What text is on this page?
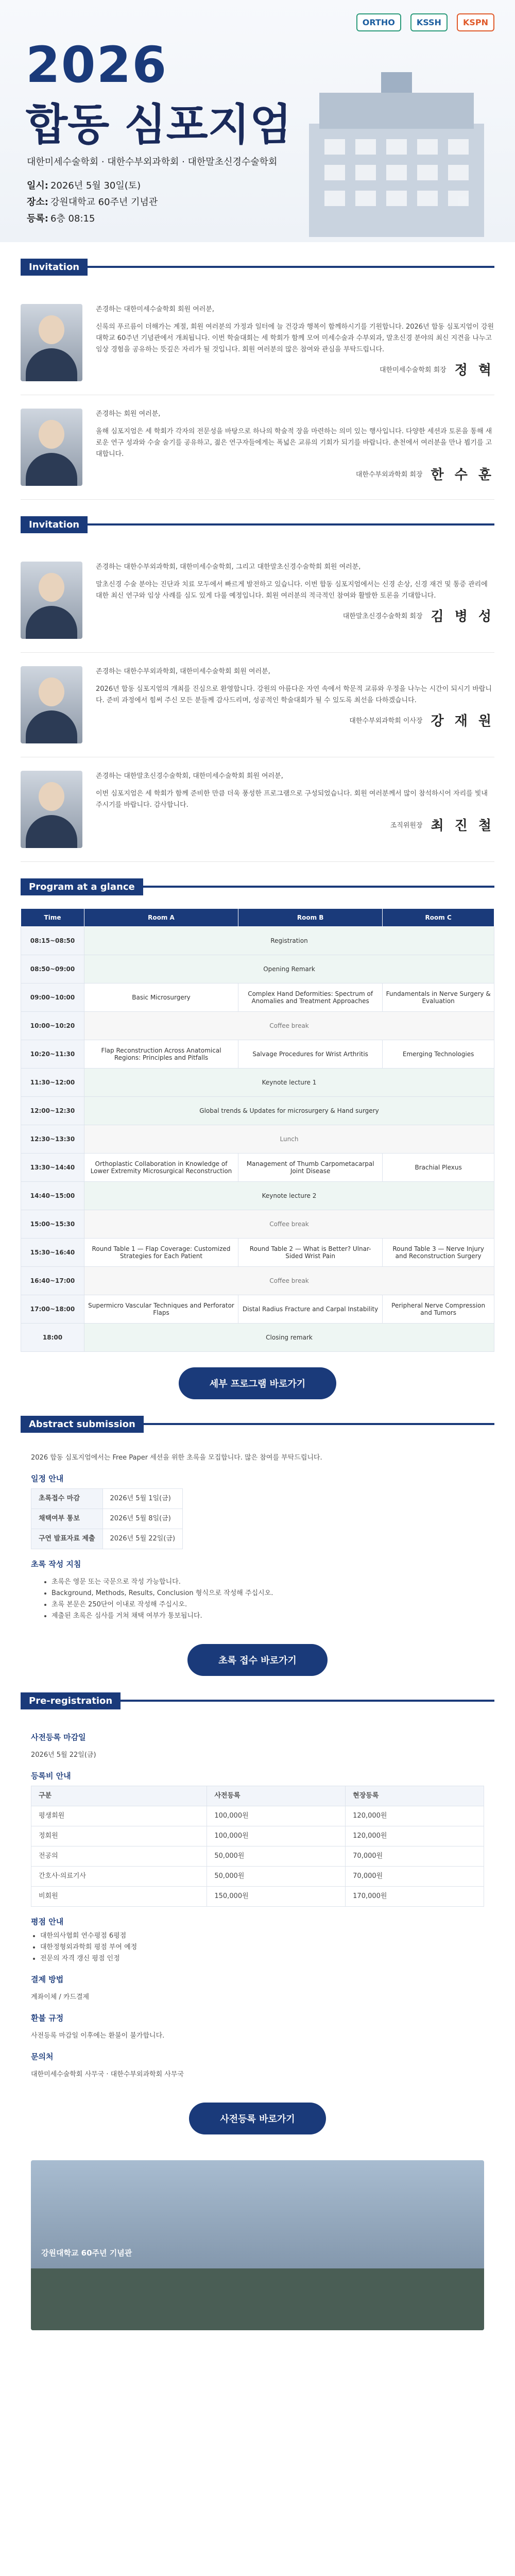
ORTHO	KSSH	KSPN
2026
합동 심포지엄
대한미세수술학회 · 대한수부외과학회 · 대한말초신경수술학회
일시: 2026년 5월 30일(토)
장소: 강원대학교 60주년 기념관
등록: 6층 08:15
Invitation

존경하는 대한미세수술학회 회원 여러분,

신록의 푸르름이 더해가는 계절, 회원 여러분의 가정과 일터에 늘 건강과 행복이 함께하시기를 기원합니다. 2026년 합동 심포지엄이 강원대학교 60주년 기념관에서 개최됩니다. 이번 학술대회는 세 학회가 함께 모여 미세수술과 수부외과, 말초신경 분야의 최신 지견을 나누고 임상 경험을 공유하는 뜻깊은 자리가 될 것입니다. 회원 여러분의 많은 참여와 관심을 부탁드립니다.

대한미세수술학회 회장 정 혁

존경하는 회원 여러분,

올해 심포지엄은 세 학회가 각자의 전문성을 바탕으로 하나의 학술적 장을 마련하는 의미 있는 행사입니다. 다양한 세션과 토론을 통해 새로운 연구 성과와 수술 술기를 공유하고, 젊은 연구자들에게는 폭넓은 교류의 기회가 되기를 바랍니다. 춘천에서 여러분을 만나 뵙기를 고대합니다.

대한수부외과학회 회장 한 수 훈
Invitation

존경하는 대한수부외과학회, 대한미세수술학회, 그리고 대한말초신경수술학회 회원 여러분,

말초신경 수술 분야는 진단과 치료 모두에서 빠르게 발전하고 있습니다. 이번 합동 심포지엄에서는 신경 손상, 신경 재건 및 통증 관리에 대한 최신 연구와 임상 사례를 심도 있게 다룰 예정입니다. 회원 여러분의 적극적인 참여와 활발한 토론을 기대합니다.

대한말초신경수술학회 회장 김 병 성

존경하는 대한수부외과학회, 대한미세수술학회 회원 여러분,

2026년 합동 심포지엄의 개최를 진심으로 환영합니다. 강원의 아름다운 자연 속에서 학문적 교류와 우정을 나누는 시간이 되시기 바랍니다. 준비 과정에서 힘써 주신 모든 분들께 감사드리며, 성공적인 학술대회가 될 수 있도록 최선을 다하겠습니다.

대한수부외과학회 이사장 강 재 원

존경하는 대한말초신경수술학회, 대한미세수술학회 회원 여러분,

이번 심포지엄은 세 학회가 함께 준비한 만큼 더욱 풍성한 프로그램으로 구성되었습니다. 회원 여러분께서 많이 참석하시어 자리를 빛내 주시기를 바랍니다. 감사합니다.

조직위원장 최 진 철
Program at a glance
Time	Room A	Room B	Room C
08:15~08:50	Registration		
08:50~09:00	Opening Remark		
09:00~10:00	Basic Microsurgery	Complex Hand Deformities: Spectrum of Anomalies and Treatment Approaches	Fundamentals in Nerve Surgery & Evaluation
10:00~10:20	Coffee break		
10:20~11:30	Flap Reconstruction Across Anatomical Regions: Principles and Pitfalls	Salvage Procedures for Wrist Arthritis	Emerging Technologies
11:30~12:00	Keynote lecture 1		
12:00~12:30	Global trends & Updates for microsurgery & Hand surgery		
12:30~13:30	Lunch		
13:30~14:40	Orthoplastic Collaboration in Knowledge of Lower Extremity Microsurgical Reconstruction	Management of Thumb Carpometacarpal Joint Disease	Brachial Plexus
14:40~15:00	Keynote lecture 2		
15:00~15:30	Coffee break		
15:30~16:40	Round Table 1 — Flap Coverage: Customized Strategies for Each Patient	Round Table 2 — What is Better? Ulnar-Sided Wrist Pain	Round Table 3 — Nerve Injury and Reconstruction Surgery
16:40~17:00	Coffee break		
17:00~18:00	Supermicro Vascular Techniques and Perforator Flaps	Distal Radius Fracture and Carpal Instability	Peripheral Nerve Compression and Tumors
18:00	Closing remark		
세부 프로그램 바로가기
Abstract submission

2026 합동 심포지엄에서는 Free Paper 세션을 위한 초록을 모집합니다. 많은 참여를 부탁드립니다.

일정 안내
초록접수 마감	2026년 5월 1일(금)
채택여부 통보	2026년 5월 8일(금)
구연 발표자료 제출	2026년 5월 22일(금)
초록 작성 지침
• 초록은 영문 또는 국문으로 작성 가능합니다.
• Background, Methods, Results, Conclusion 형식으로 작성해 주십시오.
• 초록 본문은 250단어 이내로 작성해 주십시오.
• 제출된 초록은 심사를 거쳐 채택 여부가 통보됩니다.
초록 접수 바로가기
Pre-registration
사전등록 마감일

2026년 5월 22일(금)

등록비 안내
구분	사전등록	현장등록
평생회원	100,000원	120,000원
정회원	100,000원	120,000원
전공의	50,000원	70,000원
간호사·의료기사	50,000원	70,000원
비회원	150,000원	170,000원
평점 안내
• 대한의사협회 연수평점 6평점
• 대한정형외과학회 평점 부여 예정
• 전문의 자격 갱신 평점 인정
결제 방법

계좌이체 / 카드결제

환불 규정

사전등록 마감일 이후에는 환불이 불가합니다.

문의처

대한미세수술학회 사무국 · 대한수부외과학회 사무국

사전등록 바로가기
강원대학교 60주년 기념관
